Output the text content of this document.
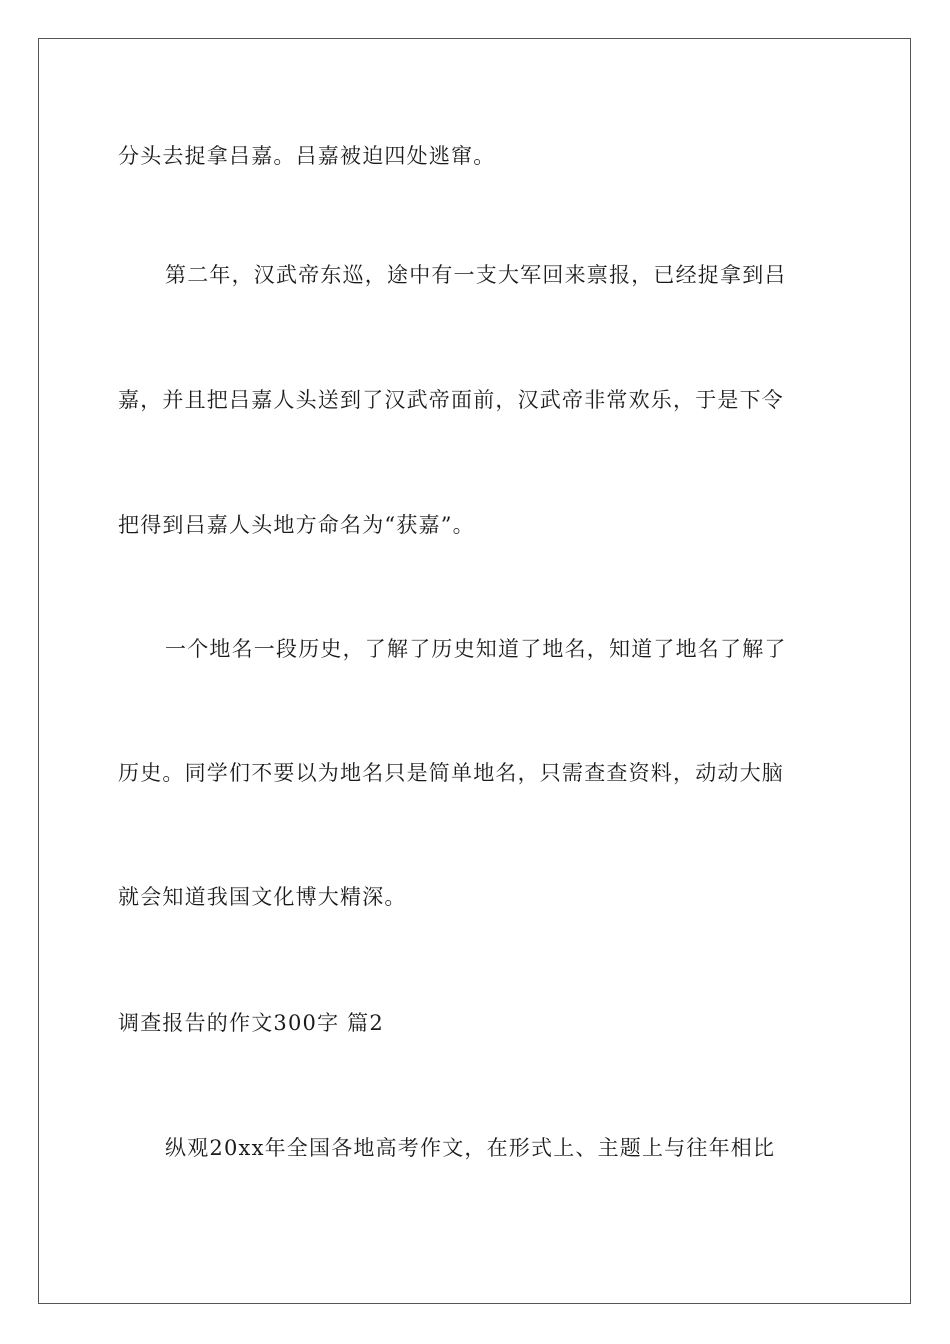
分头去捉拿吕嘉。吕嘉被迫四处逃窜。
第二年，汉武帝东巡，途中有一支大军回来禀报，已经捉拿到吕
嘉，并且把吕嘉人头送到了汉武帝面前，汉武帝非常欢乐，于是下令
把得到吕嘉人头地方命名为“获嘉”。
一个地名一段历史，了解了历史知道了地名，知道了地名了解了
历史。同学们不要以为地名只是简单地名，只需查查资料，动动大脑
就会知道我国文化博大精深。
调查报告的作文300字 篇2
纵观20xx年全国各地高考作文，在形式上、主题上与往年相比
